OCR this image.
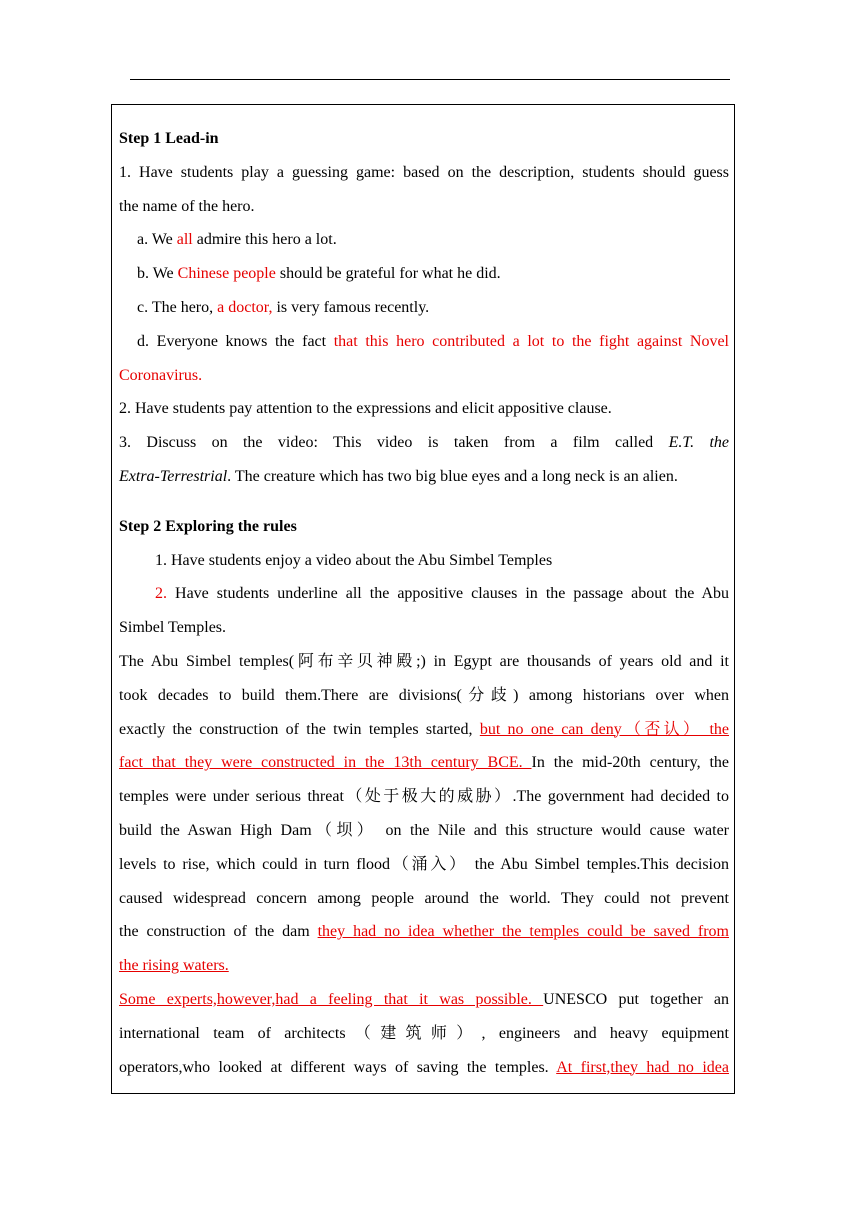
Step 1 Lead-in
1. Have students play a guessing game: based on the description, students should guess
the name of the hero.
a. We all admire this hero a lot.
b. We Chinese people should be grateful for what he did.
c. The hero, a doctor, is very famous recently.
d. Everyone knows the fact that this hero contributed a lot to the fight against Novel
Coronavirus.
2. Have students pay attention to the expressions and elicit appositive clause.
3. Discuss on the video: This video is taken from a film called E.T. the
Extra-Terrestrial. The creature which has two big blue eyes and a long neck is an alien.
Step 2 Exploring the rules
1. Have students enjoy a video about the Abu Simbel Temples
2. Have students underline all the appositive clauses in the passage about the Abu
Simbel Temples.
The Abu Simbel temples(阿布辛贝神殿;) in Egypt are thousands of years old and it
took decades to build them.There are divisions(分歧) among historians over when
exactly the construction of the twin temples started, but no one can deny（否认） the
fact that they were constructed in the 13th century BCE. In the mid-20th century, the
temples were under serious threat（处于极大的威胁）.The government had decided to
build the Aswan High Dam（坝） on the Nile and this structure would cause water
levels to rise, which could in turn flood（涌入） the Abu Simbel temples.This decision
caused widespread concern among people around the world. They could not prevent
the construction of the dam they had no idea whether the temples could be saved from
the rising waters.
Some experts,however,had a feeling that it was possible. UNESCO put together an
international team of architects（建筑师）, engineers and heavy equipment
operators,who looked at different ways of saving the temples. At first,they had no idea
